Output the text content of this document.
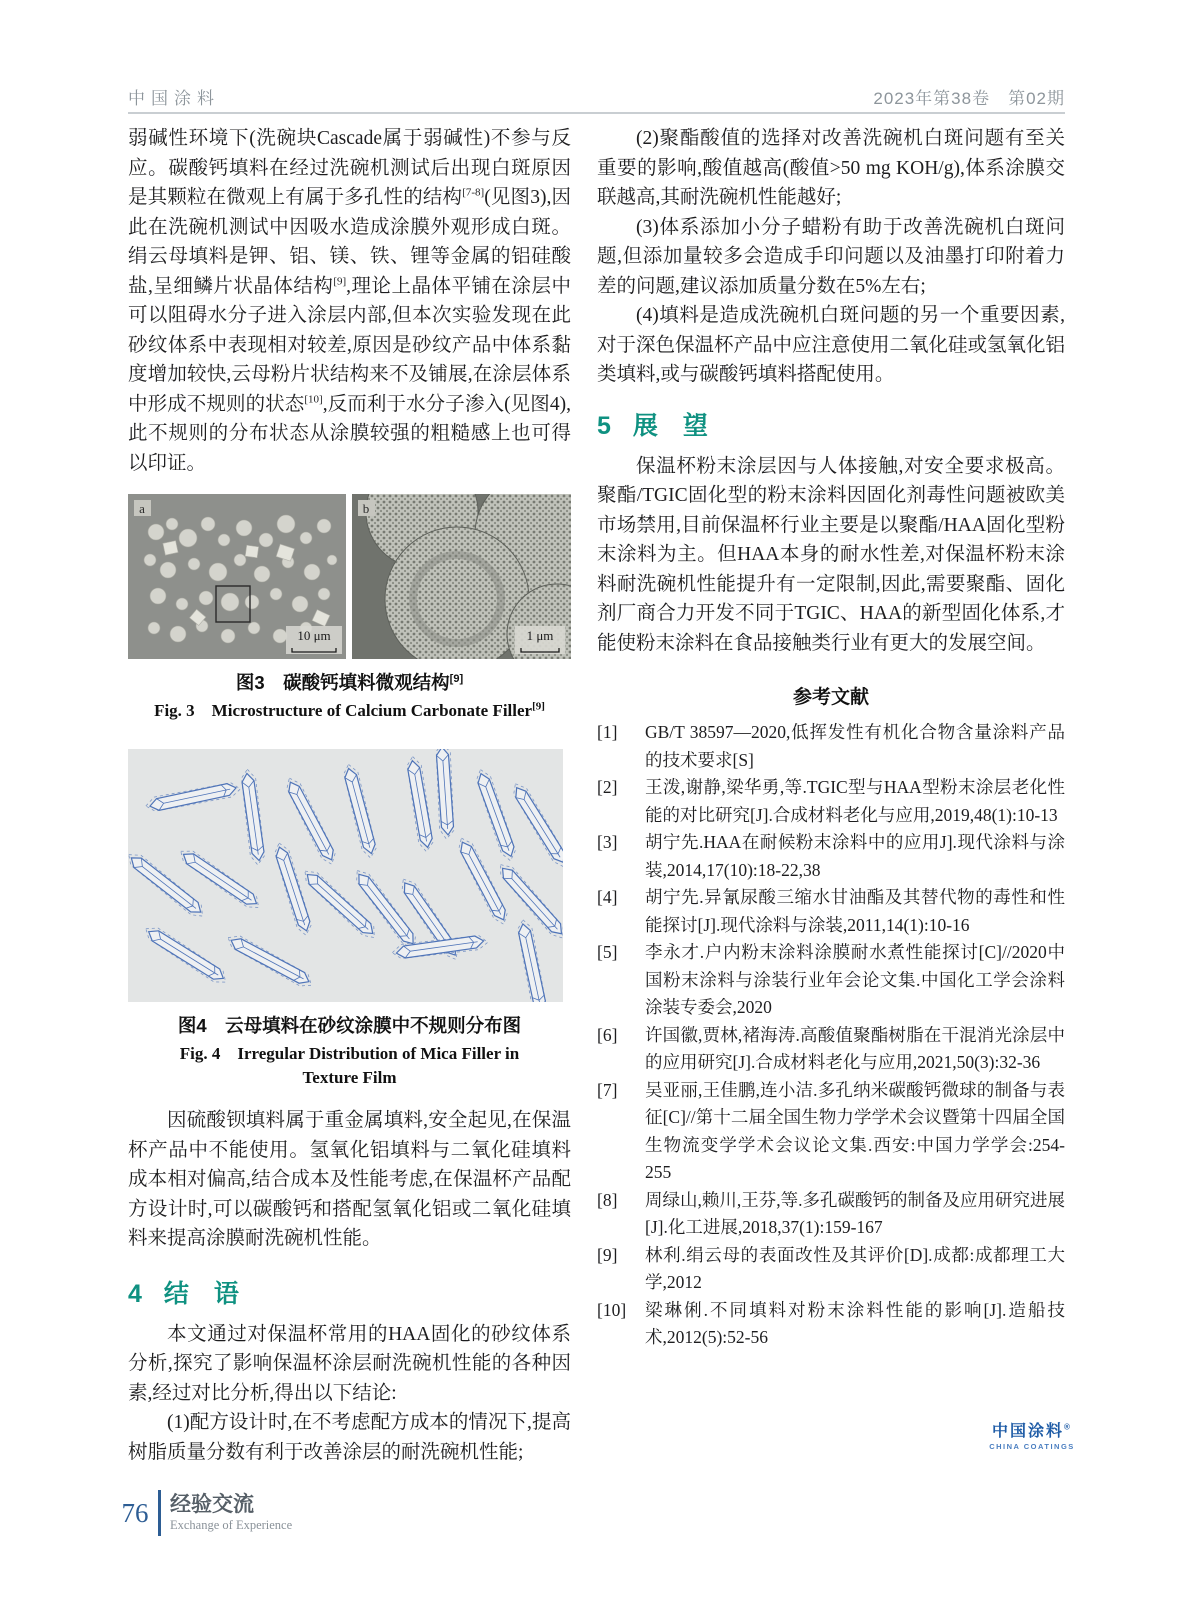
中国涂料	2023年第38卷　第02期

弱碱性环境下(洗碗块Cascade属于弱碱性)不参与反应。碳酸钙填料在经过洗碗机测试后出现白斑原因是其颗粒在微观上有属于多孔性的结构[7-8](见图3),因此在洗碗机测试中因吸水造成涂膜外观形成白斑。绢云母填料是钾、铝、镁、铁、锂等金属的铝硅酸盐,呈细鳞片状晶体结构[9],理论上晶体平铺在涂层中可以阻碍水分子进入涂层内部,但本次实验发现在此砂纹体系中表现相对较差,原因是砂纹产品中体系黏度增加较快,云母粉片状结构来不及铺展,在涂层体系中形成不规则的状态[10],反而利于水分子渗入(见图4),此不规则的分布状态从涂膜较强的粗糙感上也可得以印证。

a
10 μm
b
1 μm
图3　碳酸钙填料微观结构[9]
Fig. 3　Microstructure of Calcium Carbonate Filler[9]
图4　云母填料在砂纹涂膜中不规则分布图
Fig. 4　Irregular Distribution of Mica Filler in Texture Film

因硫酸钡填料属于重金属填料,安全起见,在保温杯产品中不能使用。氢氧化铝填料与二氧化硅填料成本相对偏高,结合成本及性能考虑,在保温杯产品配方设计时,可以碳酸钙和搭配氢氧化铝或二氧化硅填料来提高涂膜耐洗碗机性能。

4 结　语

本文通过对保温杯常用的HAA固化的砂纹体系分析,探究了影响保温杯涂层耐洗碗机性能的各种因素,经过对比分析,得出以下结论:

(1)配方设计时,在不考虑配方成本的情况下,提高树脂质量分数有利于改善涂层的耐洗碗机性能;

(2)聚酯酸值的选择对改善洗碗机白斑问题有至关重要的影响,酸值越高(酸值>50 mg KOH/g),体系涂膜交联越高,其耐洗碗机性能越好;

(3)体系添加小分子蜡粉有助于改善洗碗机白斑问题,但添加量较多会造成手印问题以及油墨打印附着力差的问题,建议添加质量分数在5%左右;

(4)填料是造成洗碗机白斑问题的另一个重要因素,对于深色保温杯产品中应注意使用二氧化硅或氢氧化铝类填料,或与碳酸钙填料搭配使用。

5 展　望

保温杯粉末涂层因与人体接触,对安全要求极高。聚酯/TGIC固化型的粉末涂料因固化剂毒性问题被欧美市场禁用,目前保温杯行业主要是以聚酯/HAA固化型粉末涂料为主。但HAA本身的耐水性差,对保温杯粉末涂料耐洗碗机性能提升有一定限制,因此,需要聚酯、固化剂厂商合力开发不同于TGIC、HAA的新型固化体系,才能使粉末涂料在食品接触类行业有更大的发展空间。

参考文献
[1]	GB/T 38597—2020,低挥发性有机化合物含量涂料产品的技术要求[S]
[2]	王泼,谢静,梁华勇,等.TGIC型与HAA型粉末涂层老化性能的对比研究[J].合成材料老化与应用,2019,48(1):10-13
[3]	胡宁先.HAA在耐候粉末涂料中的应用J].现代涂料与涂装,2014,17(10):18-22,38
[4]	胡宁先.异氰尿酸三缩水甘油酯及其替代物的毒性和性能探讨[J].现代涂料与涂装,2011,14(1):10-16
[5]	李永才.户内粉末涂料涂膜耐水煮性能探讨[C]//2020中国粉末涂料与涂装行业年会论文集.中国化工学会涂料涂装专委会,2020
[6]	许国徽,贾林,褚海涛.高酸值聚酯树脂在干混消光涂层中的应用研究[J].合成材料老化与应用,2021,50(3):32-36
[7]	吴亚丽,王佳鹏,连小洁.多孔纳米碳酸钙微球的制备与表征[C]//第十二届全国生物力学学术会议暨第十四届全国生物流变学学术会议论文集.西安:中国力学学会:254-255
[8]	周绿山,赖川,王芬,等.多孔碳酸钙的制备及应用研究进展[J].化工进展,2018,37(1):159-167
[9]	林利.绢云母的表面改性及其评价[D].成都:成都理工大学,2012
[10]	梁琳俐.不同填料对粉末涂料性能的影响[J].造船技术,2012(5):52-56
中国涂料®
CHINA COATINGS
76	经验交流
Exchange of Experience
